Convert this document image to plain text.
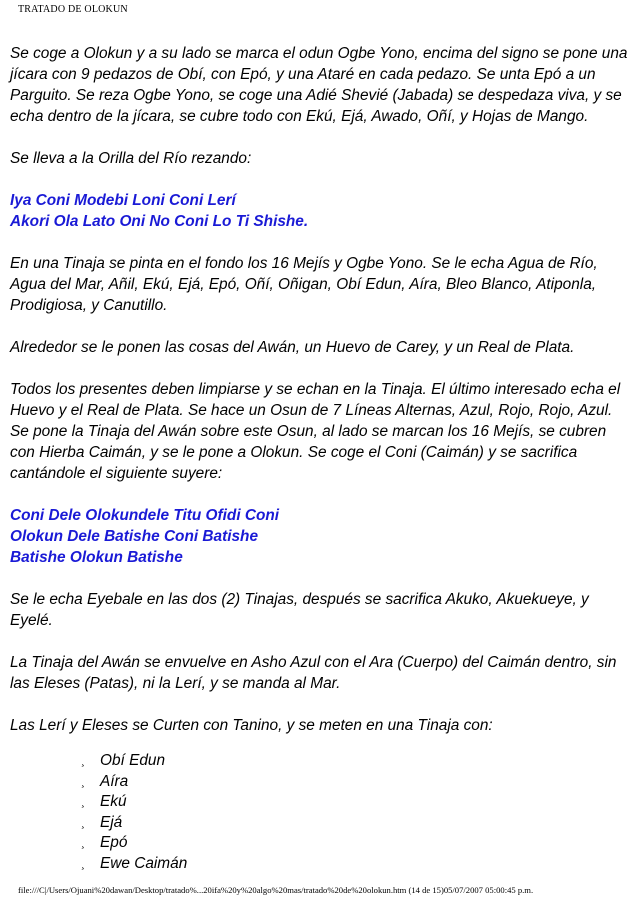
TRATADO DE OLOKUN

Se coge a Olokun y a su lado se marca el odun Ogbe Yono, encima del signo se pone una jícara con 9 pedazos de Obí, con Epó, y una Ataré en cada pedazo. Se unta Epó a un Parguito. Se reza Ogbe Yono, se coge una Adié Shevié (Jabada) se despedaza viva, y se echa dentro de la jícara, se cubre todo con Ekú, Ejá, Awado, Oñí, y Hojas de Mango.

Se lleva a la Orilla del Río rezando:

Iya Coni Modebi Loni Coni Lerí
Akori Ola Lato Oni No Coni Lo Ti Shishe.

En una Tinaja se pinta en el fondo los 16 Mejís y Ogbe Yono. Se le echa Agua de Río, Agua del Mar, Añil, Ekú, Ejá, Epó, Oñí, Oñigan, Obí Edun, Aíra, Bleo Blanco, Atiponla, Prodigiosa, y Canutillo.

Alrededor se le ponen las cosas del Awán, un Huevo de Carey, y un Real de Plata.

Todos los presentes deben limpiarse y se echan en la Tinaja. El último interesado echa el Huevo y el Real de Plata. Se hace un Osun de 7 Líneas Alternas, Azul, Rojo, Rojo, Azul. Se pone la Tinaja del Awán sobre este Osun, al lado se marcan los 16 Mejís, se cubren con Hierba Caimán, y se le pone a Olokun. Se coge el Coni (Caimán) y se sacrifica cantándole el siguiente suyere:

Coni Dele Olokundele Titu Ofidi Coni
Olokun Dele Batishe Coni Batishe
Batishe Olokun Batishe

Se le echa Eyebale en las dos (2) Tinajas, después se sacrifica Akuko, Akuekueye, y Eyelé.

La Tinaja del Awán se envuelve en Asho Azul con el Ara (Cuerpo) del Caimán dentro, sin las Eleses (Patas), ni la Lerí, y se manda al Mar.

Las Lerí y Eleses se Curten con Tanino, y se meten en una Tinaja con:

¸ Obí Edun
¸ Aíra
¸ Ekú
¸ Ejá
¸ Epó
¸ Ewe Caimán
file:///C|/Users/Ojuani%20dawan/Desktop/tratado%...20ifa%20y%20algo%20mas/tratado%20de%20olokun.htm (14 de 15)05/07/2007 05:00:45 p.m.
